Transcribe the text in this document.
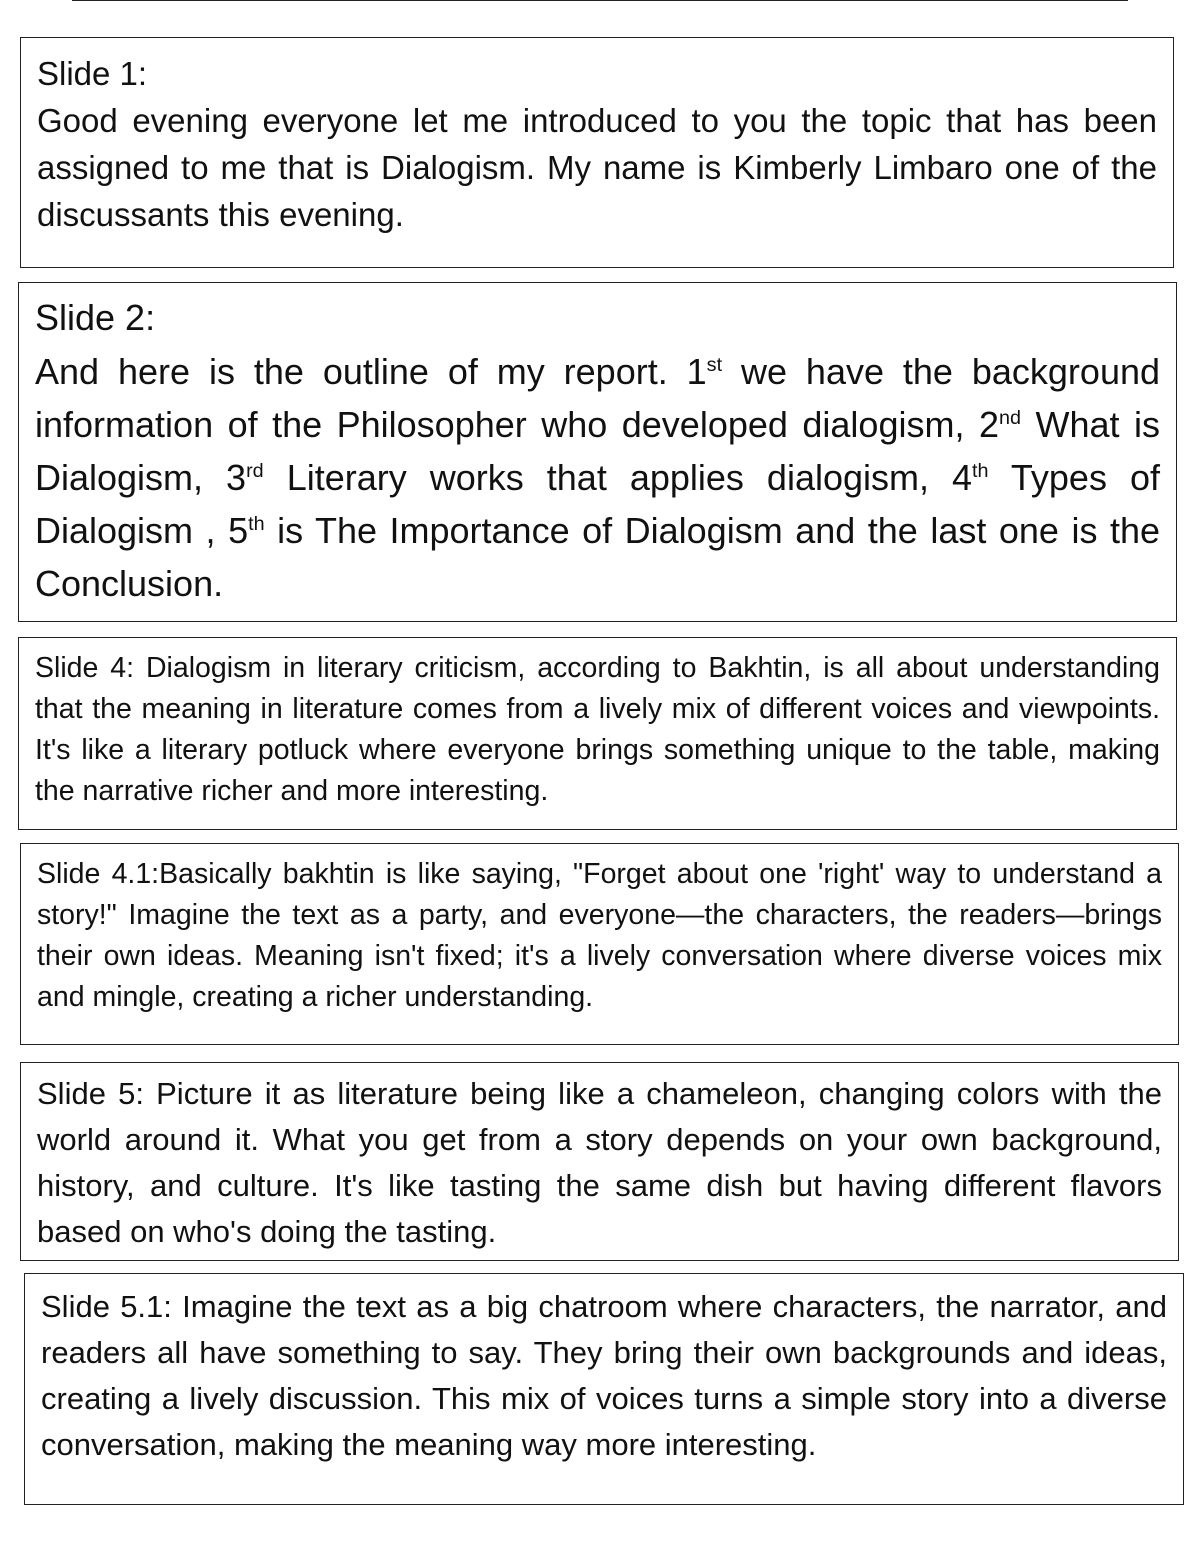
Slide 1:

Good evening everyone let me introduced to you the topic that has been assigned to me that is Dialogism. My name is Kimberly Limbaro one of the discussants this evening.

Slide 2:

And here is the outline of my report. 1st we have the background information of the Philosopher who developed dialogism, 2nd What is Dialogism, 3rd Literary works that applies dialogism, 4th Types of Dialogism , 5th is The Importance of Dialogism and the last one is the Conclusion.

Slide 4: Dialogism in literary criticism, according to Bakhtin, is all about understanding that the meaning in literature comes from a lively mix of different voices and viewpoints. It's like a literary potluck where everyone brings something unique to the table, making the narrative richer and more interesting.

Slide 4.1:Basically bakhtin is like saying, "Forget about one 'right' way to understand a story!" Imagine the text as a party, and everyone—the characters, the readers—brings their own ideas. Meaning isn't fixed; it's a lively conversation where diverse voices mix and mingle, creating a richer understanding.

Slide 5: Picture it as literature being like a chameleon, changing colors with the world around it. What you get from a story depends on your own background, history, and culture. It's like tasting the same dish but having different flavors based on who's doing the tasting.

Slide 5.1: Imagine the text as a big chatroom where characters, the narrator, and readers all have something to say. They bring their own backgrounds and ideas, creating a lively discussion. This mix of voices turns a simple story into a diverse conversation, making the meaning way more interesting.
